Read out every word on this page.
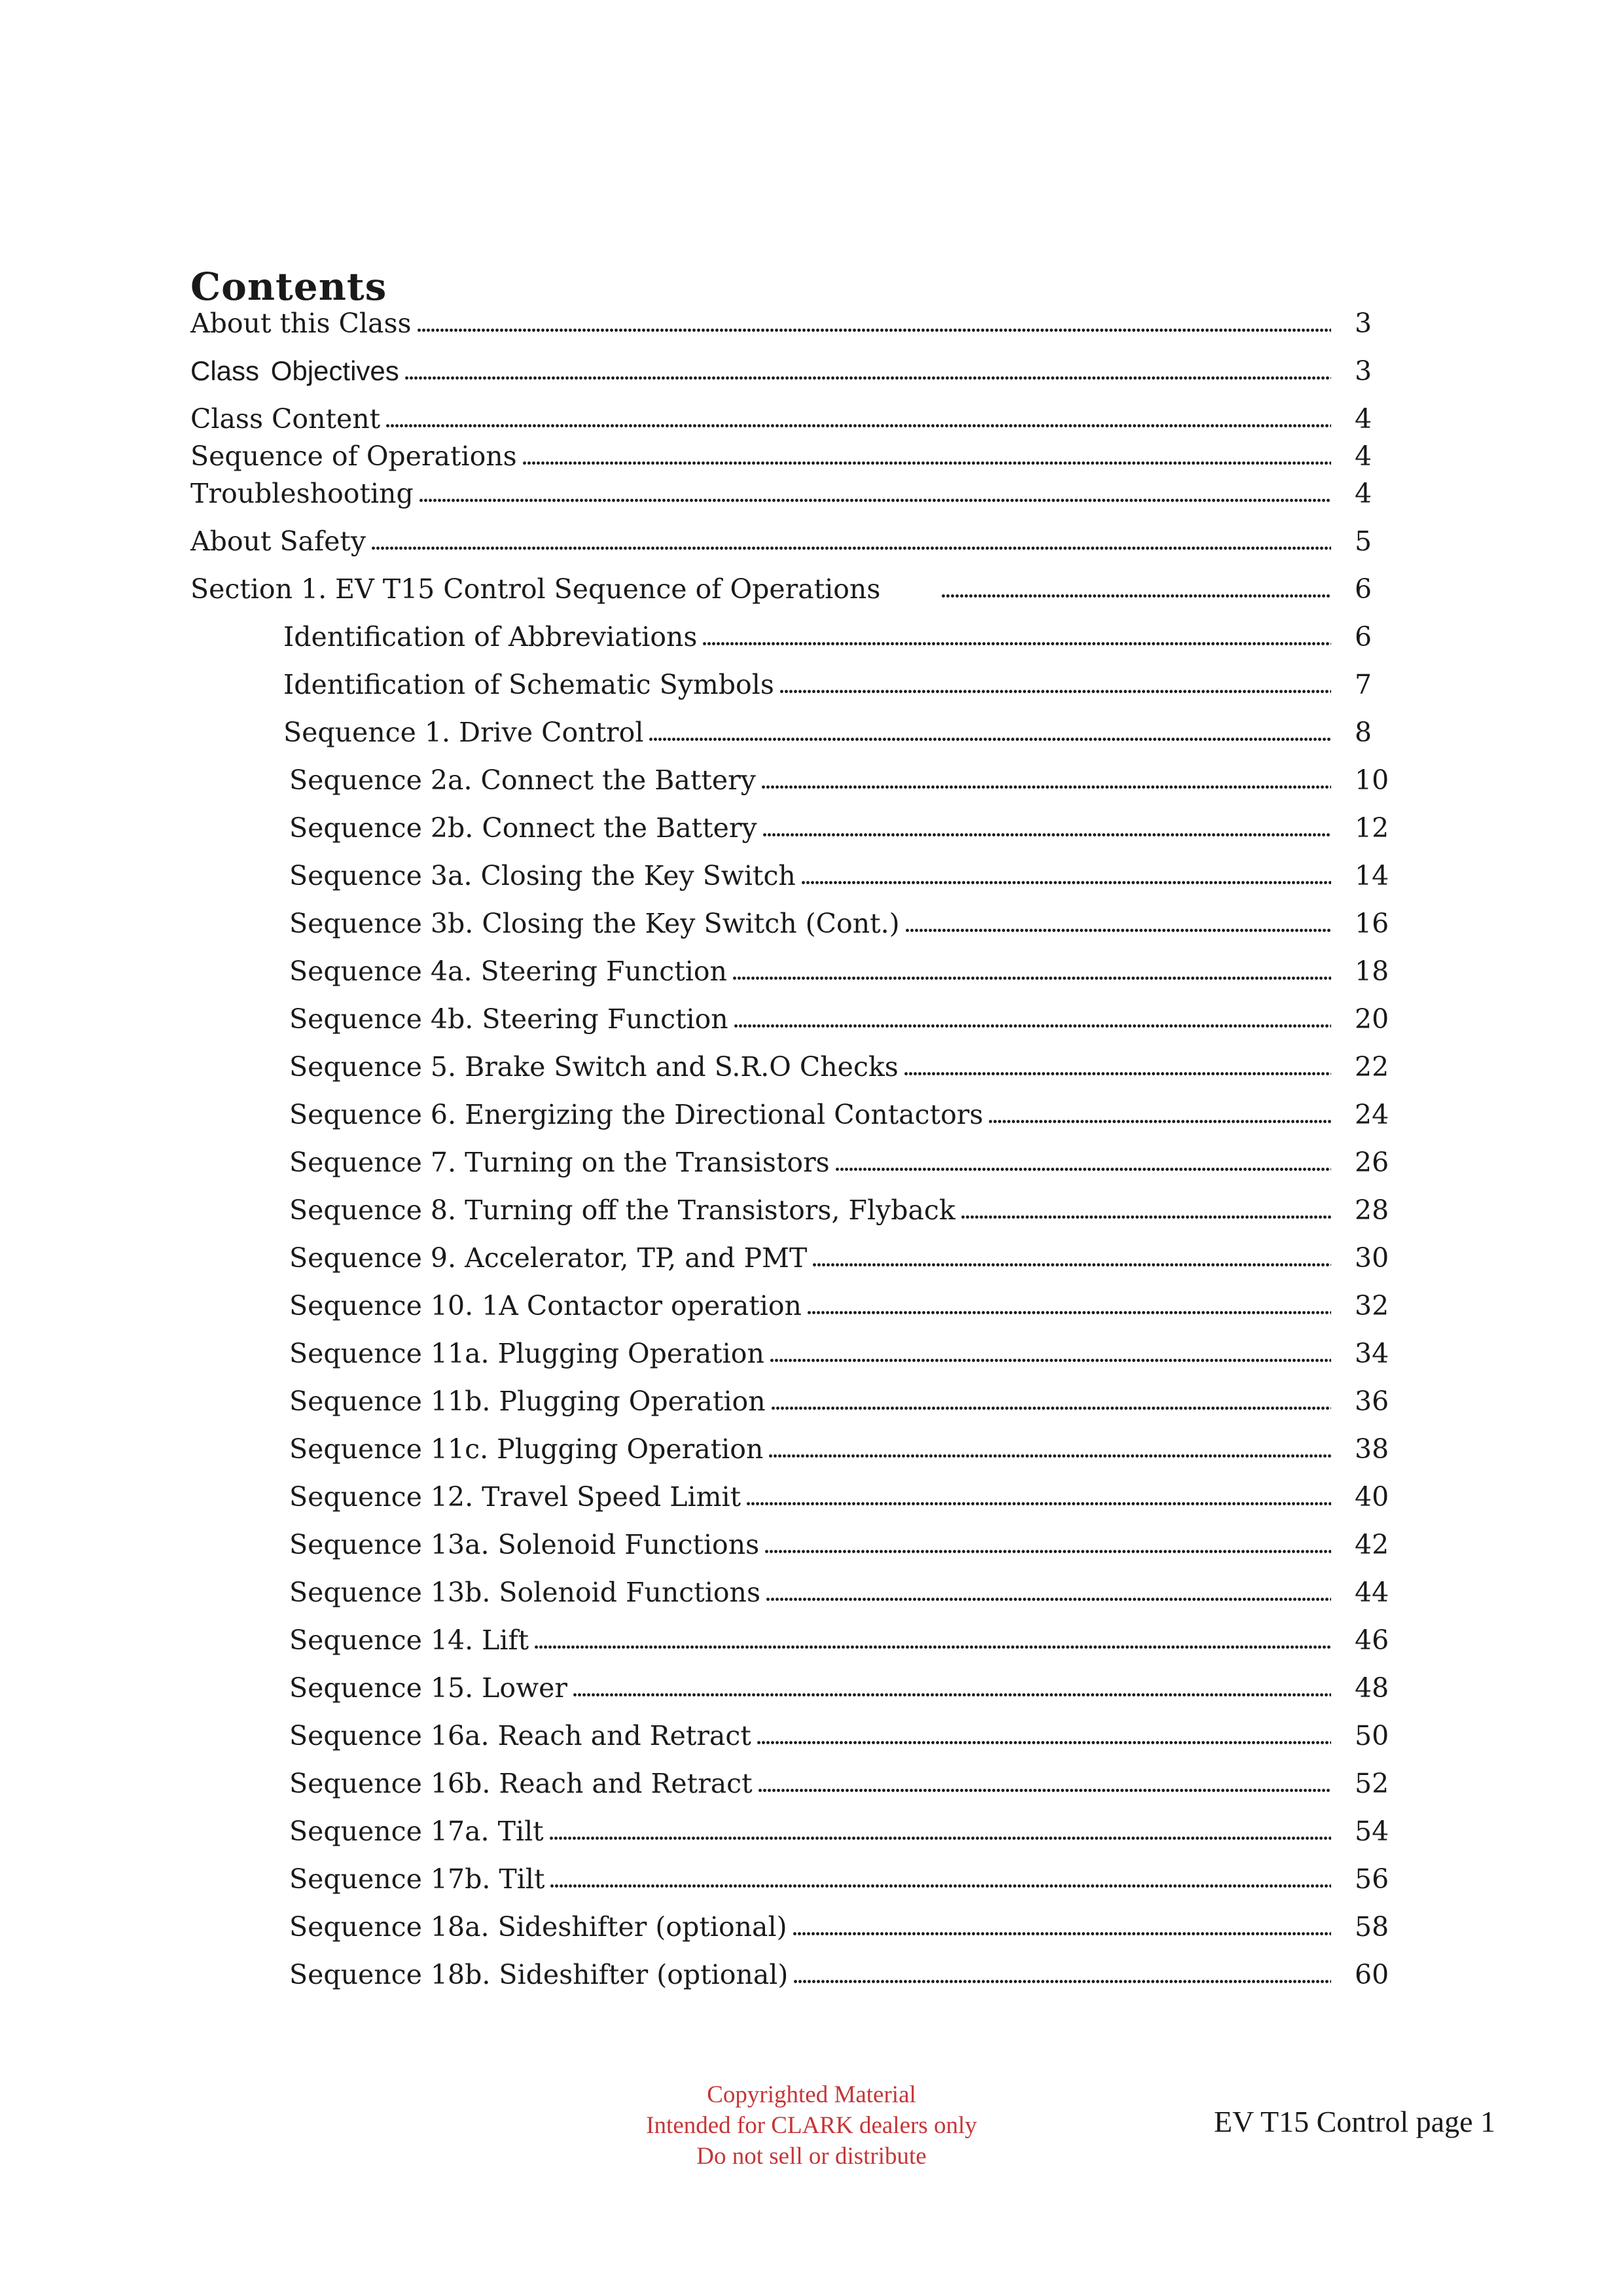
Contents
About this Class	3
Class Objectives	3
Class Content	4
Sequence of Operations	4
Troubleshooting	4
About Safety	5
Section 1. EV T15 Control Sequence of Operations	6
Identification of Abbreviations	6
Identification of Schematic Symbols	7
Sequence 1. Drive Control	8
Sequence 2a. Connect the Battery	10
Sequence 2b. Connect the Battery	12
Sequence 3a. Closing the Key Switch	14
Sequence 3b. Closing the Key Switch (Cont.)	16
Sequence 4a. Steering Function	18
Sequence 4b. Steering Function	20
Sequence 5. Brake Switch and S.R.O Checks	22
Sequence 6. Energizing the Directional Contactors	24
Sequence 7. Turning on the Transistors	26
Sequence 8. Turning off the Transistors, Flyback	28
Sequence 9. Accelerator, TP, and PMT	30
Sequence 10. 1A Contactor operation	32
Sequence 11a. Plugging Operation	34
Sequence 11b. Plugging Operation	36
Sequence 11c. Plugging Operation	38
Sequence 12. Travel Speed Limit	40
Sequence 13a. Solenoid Functions	42
Sequence 13b. Solenoid Functions	44
Sequence 14. Lift	46
Sequence 15. Lower	48
Sequence 16a. Reach and Retract	50
Sequence 16b. Reach and Retract	52
Sequence 17a. Tilt	54
Sequence 17b. Tilt	56
Sequence 18a. Sideshifter (optional)	58
Sequence 18b. Sideshifter (optional)	60
Copyrighted Material
Intended for CLARK dealers only
Do not sell or distribute
EV T15 Control page 1
